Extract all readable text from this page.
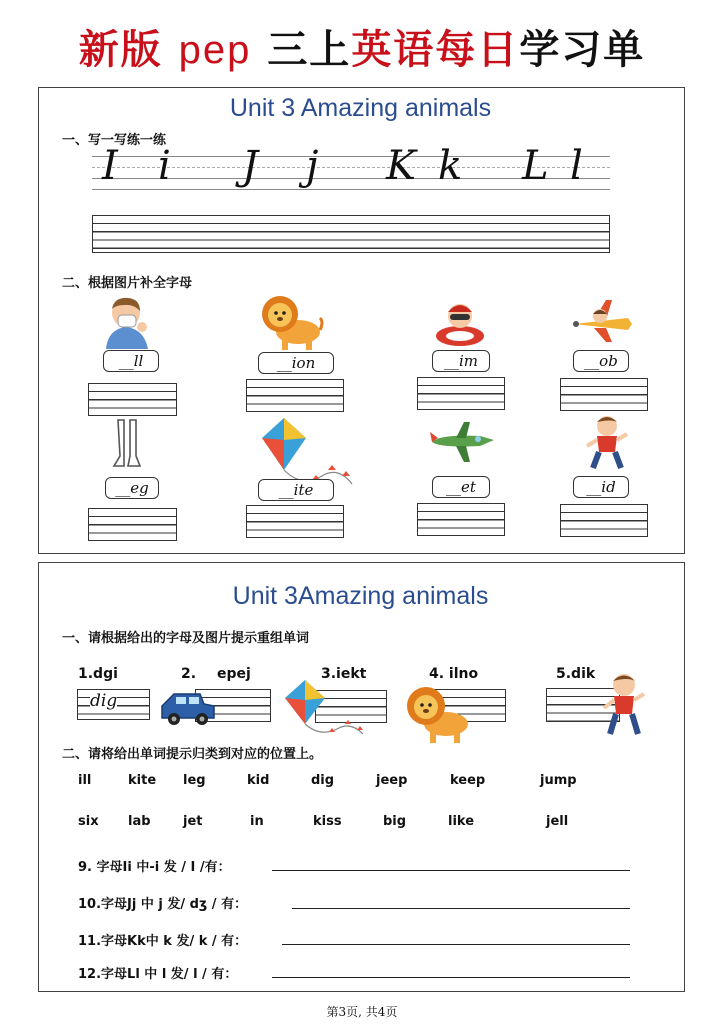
新版 pep 三上英语每日学习单
Unit 3 Amazing animals
一、写一写练一练
I i J j K k L l
二、根据图片补全字母
__ll	__ion	__im	__ob
__eg	__ite	__et	__id
Unit 3Amazing animals
一、请根据给出的字母及图片提示重组单词
1.dgi	2. epej	3.iekt	4. ilno	5.dik
dig
二、请将给出单词提示归类到对应的位置上。
ill	kite leg	kid	dig	jeep	keep	jump
six lab jet	in	kiss	big	like	jell
9. 字母Ii 中-i 发 / I /有：
10.字母Jj 中 j 发/ dʒ / 有：
11.字母Kk中 k 发/ k / 有：
12.字母Ll 中 l 发/ l / 有：
第3页, 共4页
